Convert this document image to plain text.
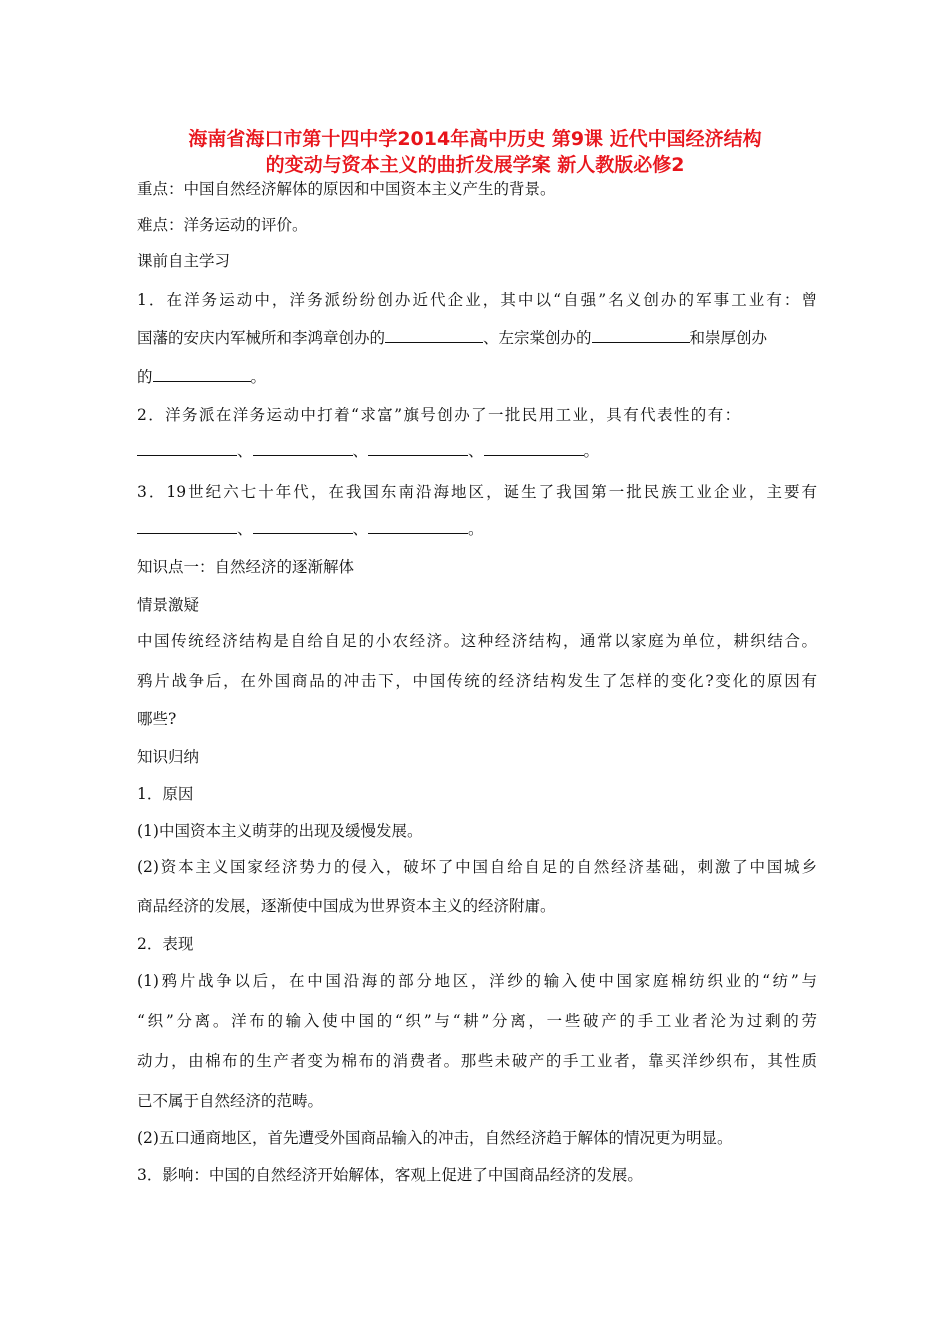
海南省海口市第十四中学2014年高中历史 第9课 近代中国经济结构
的变动与资本主义的曲折发展学案 新人教版必修2
重点：中国自然经济解体的原因和中国资本主义产生的背景。
难点：洋务运动的评价。
课前自主学习
1．在洋务运动中，洋务派纷纷创办近代企业，其中以“自强”名义创办的军事工业有：曾
国藩的安庆内军械所和李鸿章创办的	、左宗棠创办的	和崇厚创办
的	。
2．洋务派在洋务运动中打着“求富”旗号创办了一批民用工业，具有代表性的有：
、	、	、	。
3．19世纪六七十年代，在我国东南沿海地区，诞生了我国第一批民族工业企业，主要有
、	、	。
知识点一：自然经济的逐渐解体
情景激疑
中国传统经济结构是自给自足的小农经济。这种经济结构，通常以家庭为单位，耕织结合。
鸦片战争后，在外国商品的冲击下，中国传统的经济结构发生了怎样的变化?变化的原因有
哪些?
知识归纳
1．原因
(1)中国资本主义萌芽的出现及缓慢发展。
(2)资本主义国家经济势力的侵入，破坏了中国自给自足的自然经济基础，刺激了中国城乡
商品经济的发展，逐渐使中国成为世界资本主义的经济附庸。
2．表现
(1)鸦片战争以后，在中国沿海的部分地区，洋纱的输入使中国家庭棉纺织业的“纺”与
“织”分离。洋布的输入使中国的“织”与“耕”分离，一些破产的手工业者沦为过剩的劳
动力，由棉布的生产者变为棉布的消费者。那些未破产的手工业者，靠买洋纱织布，其性质
已不属于自然经济的范畴。
(2)五口通商地区，首先遭受外国商品输入的冲击，自然经济趋于解体的情况更为明显。
3．影响：中国的自然经济开始解体，客观上促进了中国商品经济的发展。
